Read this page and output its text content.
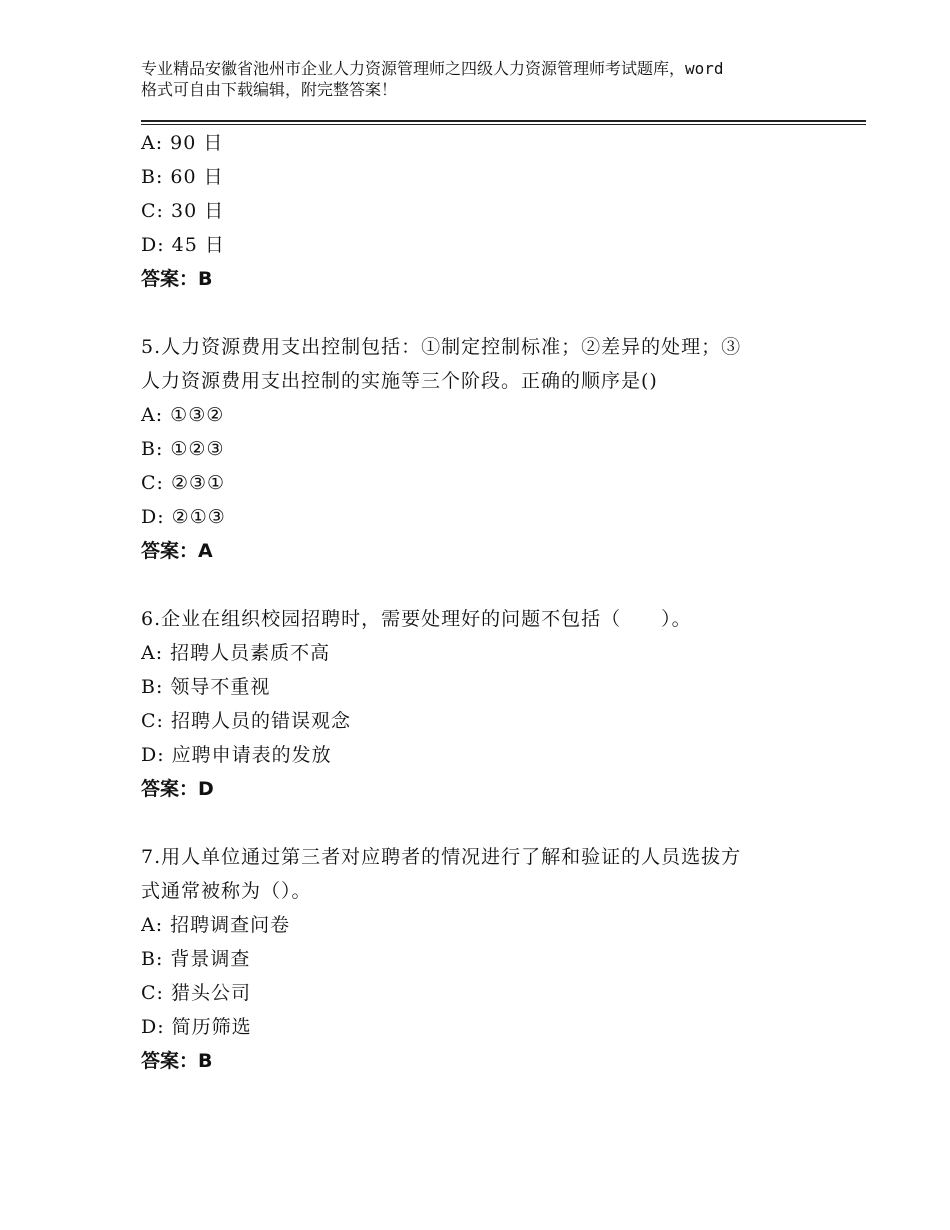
专业精品安徽省池州市企业人力资源管理师之四级人力资源管理师考试题库，word
格式可自由下载编辑，附完整答案！
A: 90 日
B: 60 日
C: 30 日
D: 45 日
答案：B
5.人力资源费用支出控制包括：①制定控制标准；②差异的处理；③
人力资源费用支出控制的实施等三个阶段。正确的顺序是()
A: ①③②
B: ①②③
C: ②③①
D: ②①③
答案：A
6.企业在组织校园招聘时，需要处理好的问题不包括（　　）。
A: 招聘人员素质不高
B: 领导不重视
C: 招聘人员的错误观念
D: 应聘申请表的发放
答案：D
7.用人单位通过第三者对应聘者的情况进行了解和验证的人员选拔方
式通常被称为（）。
A: 招聘调查问卷
B: 背景调查
C: 猎头公司
D: 简历筛选
答案：B
